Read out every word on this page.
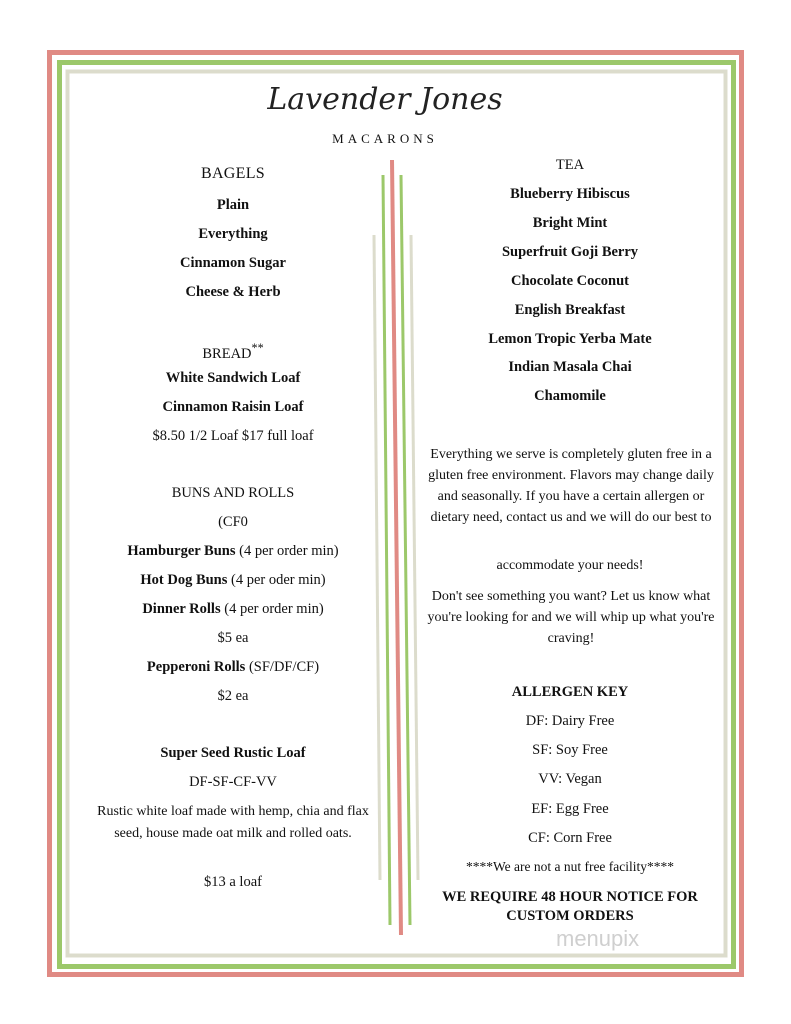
Lavender Jones
MACARONS
BAGELS
Plain
Everything
Cinnamon Sugar
Cheese & Herb
BREAD**
White Sandwich Loaf
Cinnamon Raisin Loaf
$8.50 1/2 Loaf $17 full loaf
BUNS AND ROLLS
(CF0
Hamburger Buns (4 per order min)
Hot Dog Buns (4 per oder min)
Dinner Rolls (4 per order min)
$5 ea
Pepperoni Rolls (SF/DF/CF)
$2 ea
Super Seed Rustic Loaf
DF-SF-CF-VV
Rustic white loaf made with hemp, chia and flax seed, house made oat milk and rolled oats.
$13 a loaf
TEA
Blueberry Hibiscus
Bright Mint
Superfruit Goji Berry
Chocolate Coconut
English Breakfast
Lemon Tropic Yerba Mate
Indian Masala Chai
Chamomile
Everything we serve is completely gluten free in a gluten free environment. Flavors may change daily and seasonally. If you have a certain allergen or dietary need, contact us and we will do our best to
accommodate your needs!
Don't see something you want? Let us know what you're looking for and we will whip up what you're craving!
ALLERGEN KEY
DF: Dairy Free
SF: Soy Free
VV: Vegan
EF: Egg Free
CF: Corn Free
****We are not a nut free facility****
WE REQUIRE 48 HOUR NOTICE FOR CUSTOM ORDERS
menupix
